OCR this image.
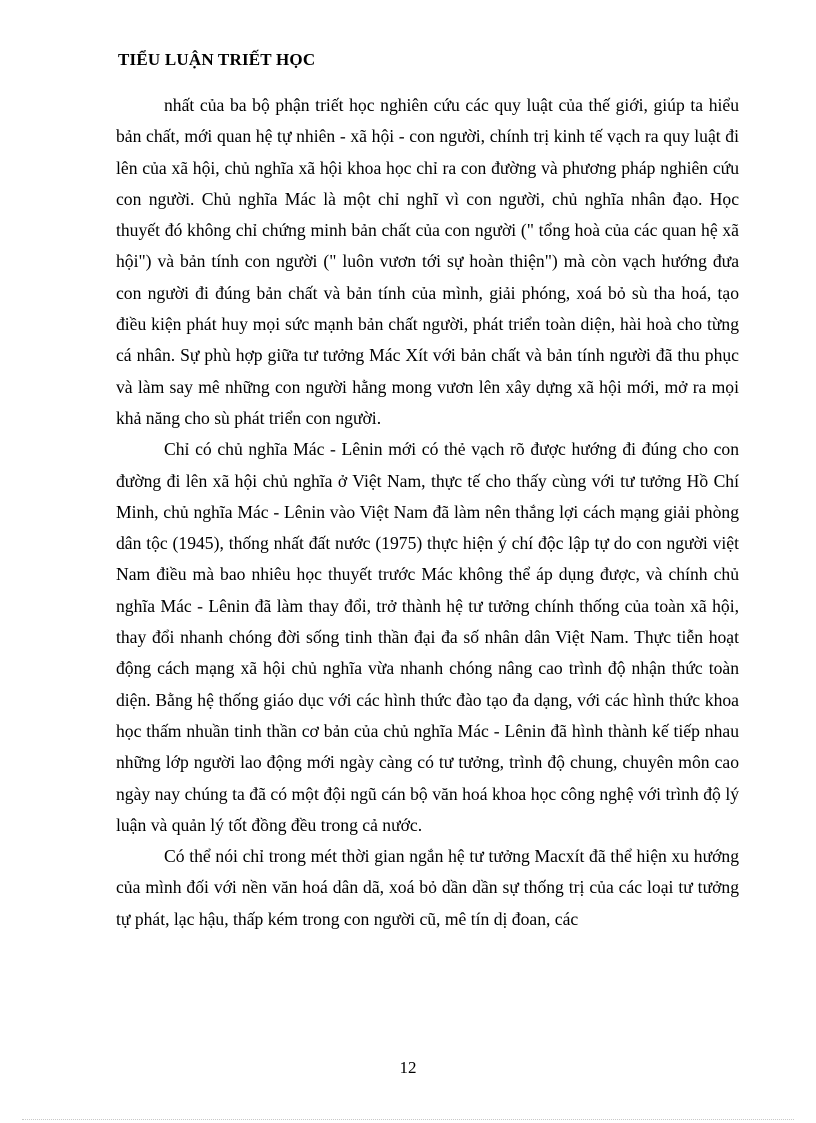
TIỂU LUẬN TRIẾT HỌC

nhất của ba bộ phận triết học nghiên cứu các quy luật của thế giới, giúp ta hiểu bản chất, mới quan hệ tự nhiên - xã hội - con người, chính trị kinh tế vạch ra quy luật đi lên của xã hội, chủ nghĩa xã hội khoa học chỉ ra con đường và phương pháp nghiên cứu con người. Chủ nghĩa Mác là một chỉ nghĩ vì con người, chủ nghĩa nhân đạo. Học thuyết đó không chỉ chứng minh bản chất của con người (" tổng hoà của các quan hệ xã hội") và bản tính con người (" luôn vươn tới sự hoàn thiện") mà còn vạch hướng đưa con người đi đúng bản chất và bản tính của mình, giải phóng, xoá bỏ sù tha hoá, tạo điều kiện phát huy mọi sức mạnh bản chất người, phát triển toàn diện, hài hoà cho từng cá nhân. Sự phù hợp giữa tư tưởng Mác Xít với bản chất và bản tính người đã thu phục và làm say mê những con người hằng mong vươn lên xây dựng xã hội mới, mở ra mọi khả năng cho sù phát triển con người.

Chỉ có chủ nghĩa Mác - Lênin mới có thẻ vạch rõ được hướng đi đúng cho con đường đi lên xã hội chủ nghĩa ở Việt Nam, thực tế cho thấy cùng với tư tưởng Hồ Chí Minh, chủ nghĩa Mác - Lênin vào Việt Nam đã làm nên thắng lợi cách mạng giải phòng dân tộc (1945), thống nhất đất nước (1975) thực hiện ý chí độc lập tự do con người việt Nam điều mà bao nhiêu học thuyết trước Mác không thể áp dụng được, và chính chủ nghĩa Mác - Lênin đã làm thay đổi, trở thành hệ tư tưởng chính thống của toàn xã hội, thay đổi nhanh chóng đời sống tinh thần đại đa số nhân dân Việt Nam. Thực tiễn hoạt động cách mạng xã hội chủ nghĩa vừa nhanh chóng nâng cao trình độ nhận thức toàn diện. Bằng hệ thống giáo dục với các hình thức đào tạo đa dạng, với các hình thức khoa học thấm nhuần tinh thần cơ bản của chủ nghĩa Mác - Lênin đã hình thành kế tiếp nhau những lớp người lao động mới ngày càng có tư tưởng, trình độ chung, chuyên môn cao ngày nay chúng ta đã có một đội ngũ cán bộ văn hoá khoa học công nghệ với trình độ lý luận và quản lý tốt đồng đều trong cả nước.

Có thể nói chỉ trong mét thời gian ngắn hệ tư tưởng Macxít đã thể hiện xu hướng của mình đối với nền văn hoá dân dã, xoá bỏ dần dần sự thống trị của các loại tư tưởng tự phát, lạc hậu, thấp kém trong con người cũ, mê tín dị đoan, các

12
